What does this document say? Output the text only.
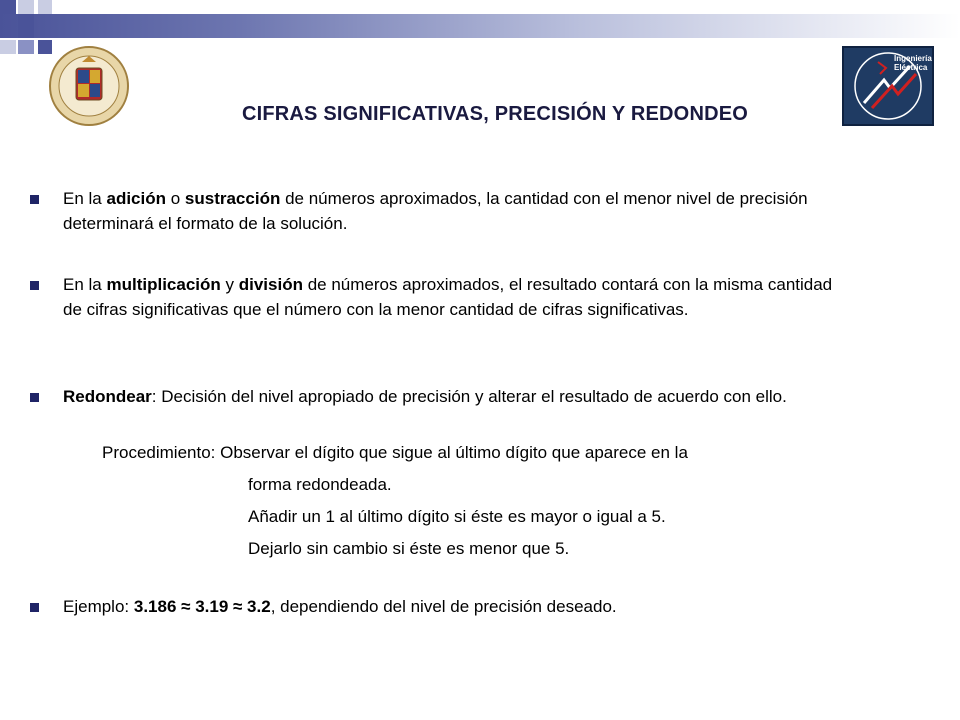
Ingeniería
Eléctrica
CIFRAS SIGNIFICATIVAS, PRECISIÓN Y REDONDEO
En la adición o sustracción de números aproximados, la cantidad con el menor nivel de precisión determinará el formato de la solución.
En la multiplicación y división de números aproximados, el resultado contará con la misma cantidad de cifras significativas que el número con la menor cantidad de cifras significativas.
Redondear: Decisión del nivel apropiado de precisión y alterar el resultado de acuerdo con ello.
Procedimiento: Observar el dígito que sigue al último dígito que aparece en la
forma redondeada.
Añadir un 1 al último dígito si éste es mayor o igual a 5.
Dejarlo sin cambio si éste es menor que 5.
Ejemplo: 3.186 ≈ 3.19 ≈ 3.2, dependiendo del nivel de precisión deseado.
